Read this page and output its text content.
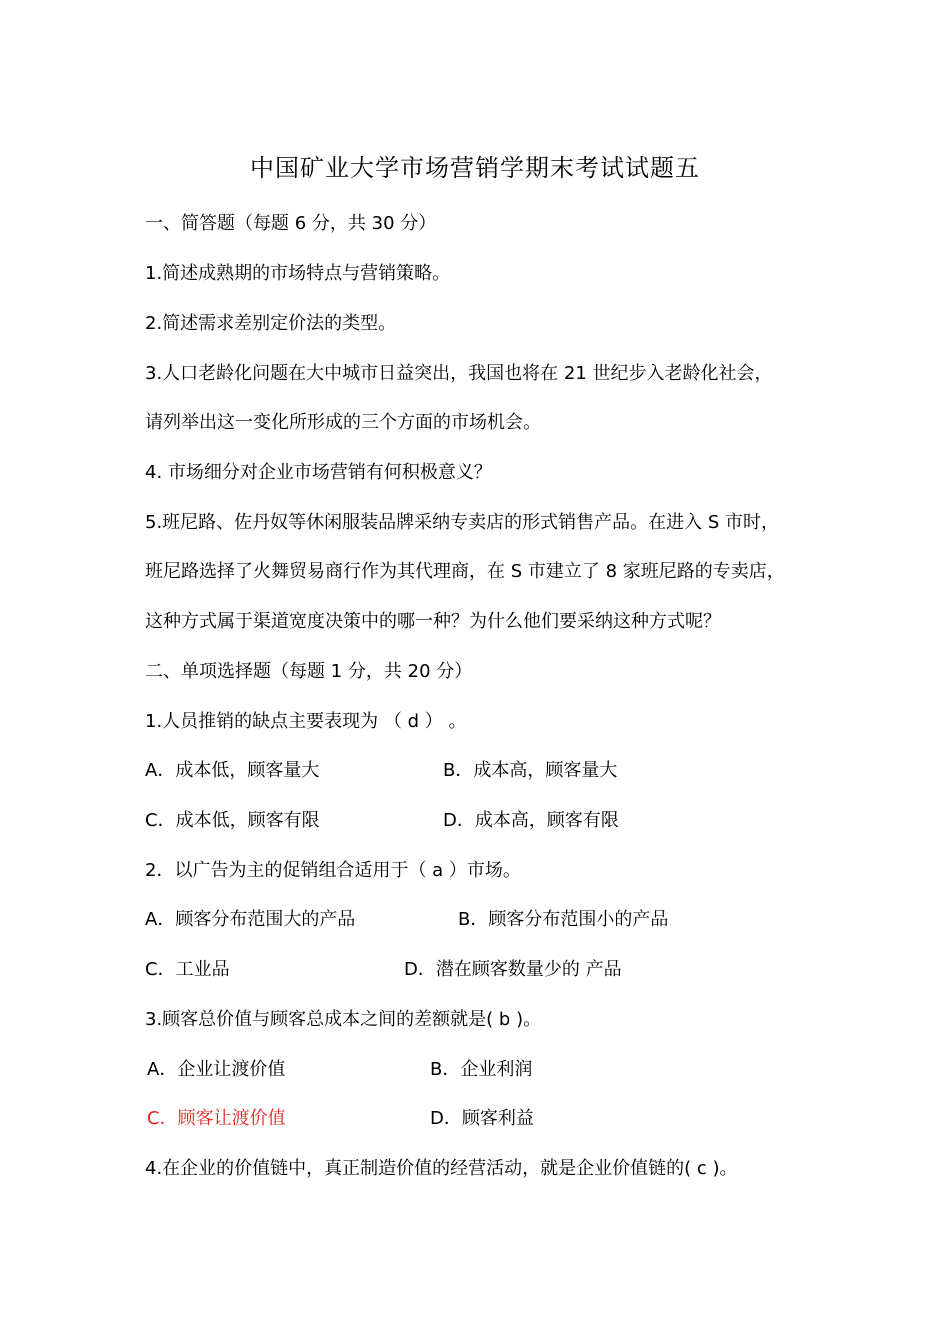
中国矿业大学市场营销学期末考试试题五
一、简答题（每题 6 分，共 30 分）
1.简述成熟期的市场特点与营销策略。
2.简述需求差别定价法的类型。
3.人口老龄化问题在大中城市日益突出，我国也将在 21 世纪步入老龄化社会，
请列举出这一变化所形成的三个方面的市场机会。
4. 市场细分对企业市场营销有何积极意义？
5.班尼路、佐丹奴等休闲服装品牌采纳专卖店的形式销售产品。在进入 S 市时，
班尼路选择了火舞贸易商行作为其代理商，在 S 市建立了 8 家班尼路的专卖店，
这种方式属于渠道宽度决策中的哪一种？为什么他们要采纳这种方式呢？
二、单项选择题（每题 1 分，共 20 分）
1.人员推销的缺点主要表现为 （ d ） 。
A．成本低，顾客量大	B．成本高，顾客量大
C．成本低，顾客有限	D．成本高，顾客有限
2．以广告为主的促销组合适用于（ a ）市场。
A．顾客分布范围大的产品	B．顾客分布范围小的产品
C．工业品	D．潜在顾客数量少的 产品
3.顾客总价值与顾客总成本之间的差额就是( b )。
A．企业让渡价值	B．企业利润
C．顾客让渡价值	D．顾客利益
4.在企业的价值链中，真正制造价值的经营活动，就是企业价值链的( c )。
